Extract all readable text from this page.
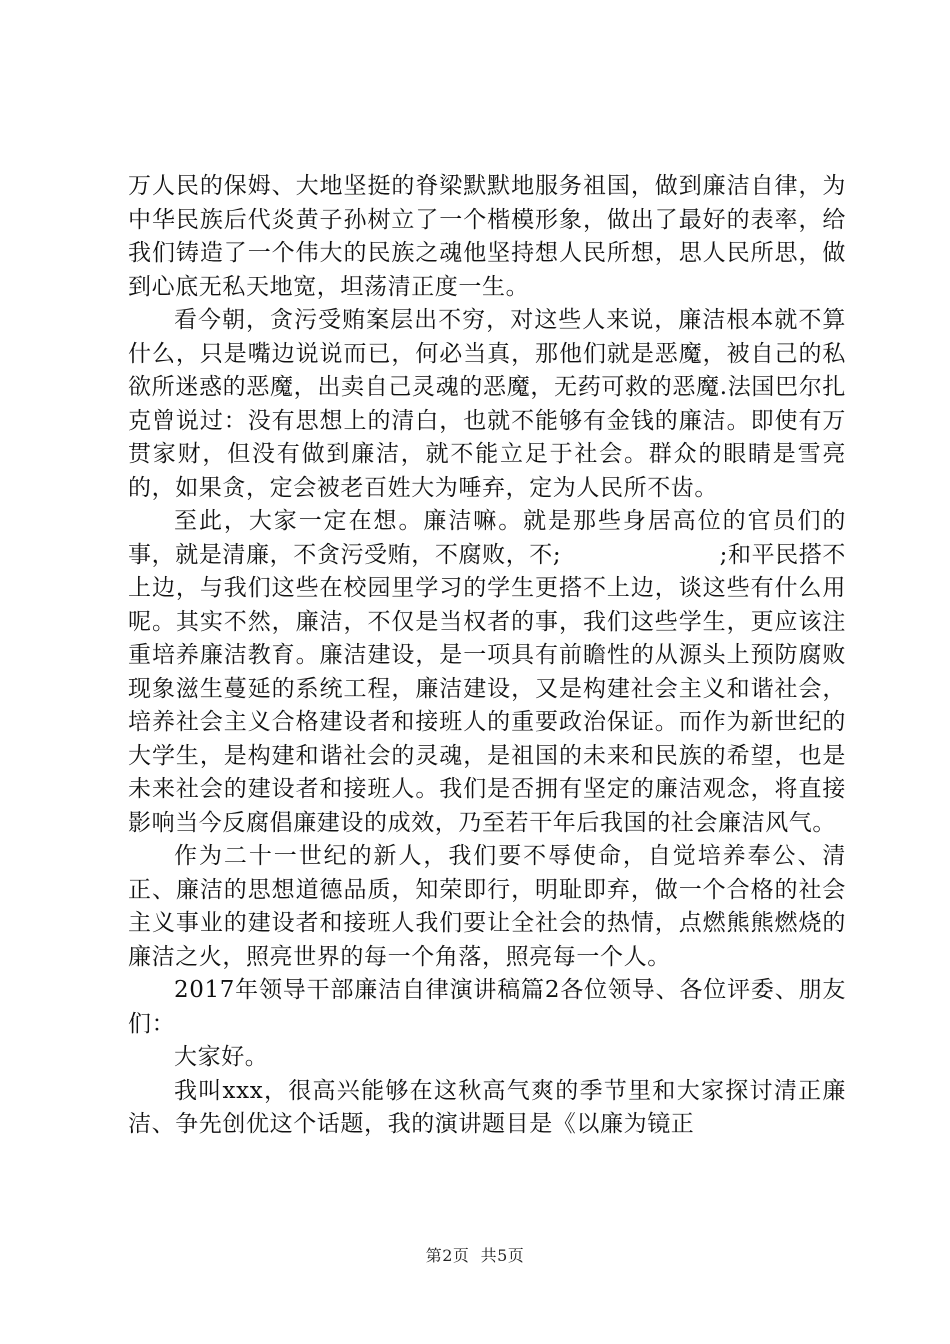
万人民的保姆、大地坚挺的脊梁默默地服务祖国，做到廉洁自律，为中华民族后代炎黄子孙树立了一个楷模形象，做出了最好的表率，给我们铸造了一个伟大的民族之魂他坚持想人民所想，思人民所思，做到心底无私天地宽，坦荡清正度一生。

看今朝，贪污受贿案层出不穷，对这些人来说，廉洁根本就不算什么，只是嘴边说说而已，何必当真，那他们就是恶魔，被自己的私欲所迷惑的恶魔，出卖自己灵魂的恶魔，无药可救的恶魔.法国巴尔扎克曾说过：没有思想上的清白，也就不能够有金钱的廉洁。即使有万贯家财，但没有做到廉洁，就不能立足于社会。群众的眼睛是雪亮的，如果贪，定会被老百姓大为唾弃，定为人民所不齿。

至此，大家一定在想。廉洁嘛。就是那些身居高位的官员们的事，就是清廉，不贪污受贿，不腐败，不;                    ;和平民搭不上边，与我们这些在校园里学习的学生更搭不上边，谈这些有什么用呢。其实不然，廉洁，不仅是当权者的事，我们这些学生，更应该注重培养廉洁教育。廉洁建设，是一项具有前瞻性的从源头上预防腐败现象滋生蔓延的系统工程，廉洁建设，又是构建社会主义和谐社会，培养社会主义合格建设者和接班人的重要政治保证。而作为新世纪的大学生，是构建和谐社会的灵魂，是祖国的未来和民族的希望，也是未来社会的建设者和接班人。我们是否拥有坚定的廉洁观念，将直接影响当今反腐倡廉建设的成效，乃至若干年后我国的社会廉洁风气。

作为二十一世纪的新人，我们要不辱使命，自觉培养奉公、清正、廉洁的思想道德品质，知荣即行，明耻即弃，做一个合格的社会主义事业的建设者和接班人我们要让全社会的热情，点燃熊熊燃烧的廉洁之火，照亮世界的每一个角落，照亮每一个人。

2017年领导干部廉洁自律演讲稿篇2各位领导、各位评委、朋友们：

大家好。

我叫xxx，很高兴能够在这秋高气爽的季节里和大家探讨清正廉洁、争先创优这个话题，我的演讲题目是《以廉为镜正

第2页  共5页
